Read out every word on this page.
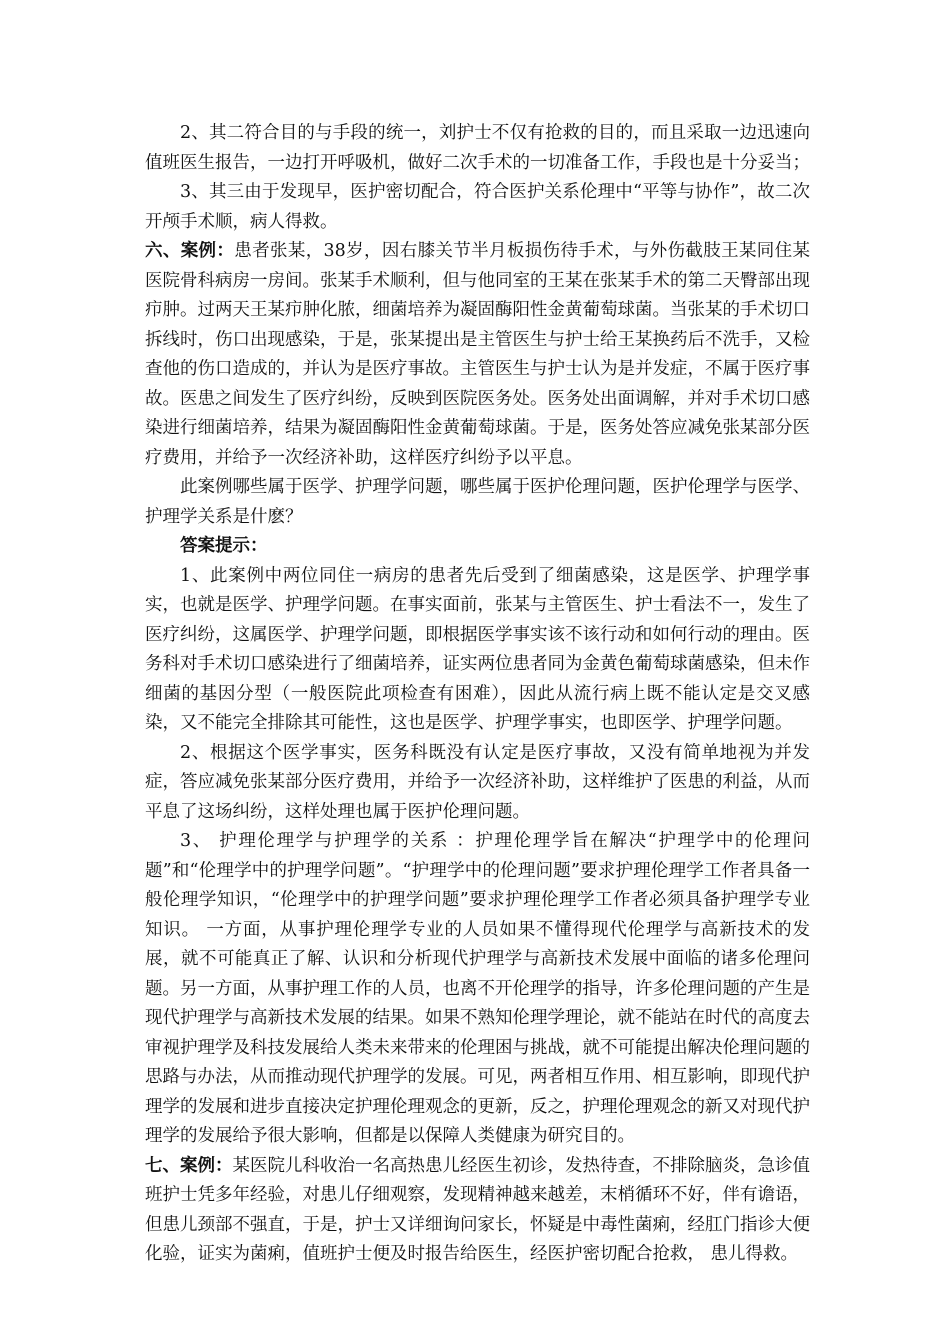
2、其二符合目的与手段的统一，刘护士不仅有抢救的目的，而且采取一边迅速向值班医生报告，一边打开呼吸机，做好二次手术的一切准备工作，手段也是十分妥当；

3、其三由于发现早，医护密切配合，符合医护关系伦理中“平等与协作”，故二次开颅手术顺，病人得救。

六、案例：患者张某，38岁，因右膝关节半月板损伤待手术，与外伤截肢王某同住某医院骨科病房一房间。张某手术顺利，但与他同室的王某在张某手术的第二天臀部出现疖肿。过两天王某疖肿化脓，细菌培养为凝固酶阳性金黄葡萄球菌。当张某的手术切口拆线时，伤口出现感染，于是，张某提出是主管医生与护士给王某换药后不洗手，又检查他的伤口造成的，并认为是医疗事故。主管医生与护士认为是并发症，不属于医疗事故。医患之间发生了医疗纠纷，反映到医院医务处。医务处出面调解，并对手术切口感染进行细菌培养，结果为凝固酶阳性金黄葡萄球菌。于是，医务处答应减免张某部分医疗费用，并给予一次经济补助，这样医疗纠纷予以平息。

此案例哪些属于医学、护理学问题，哪些属于医护伦理问题，医护伦理学与医学、护理学关系是什麽？

答案提示：

1、此案例中两位同住一病房的患者先后受到了细菌感染，这是医学、护理学事实，也就是医学、护理学问题。在事实面前，张某与主管医生、护士看法不一，发生了医疗纠纷，这属医学、护理学问题，即根据医学事实该不该行动和如何行动的理由。医务科对手术切口感染进行了细菌培养，证实两位患者同为金黄色葡萄球菌感染，但未作细菌的基因分型（一般医院此项检查有困难），因此从流行病上既不能认定是交叉感染，又不能完全排除其可能性，这也是医学、护理学事实，也即医学、护理学问题。

2、根据这个医学事实，医务科既没有认定是医疗事故，又没有简单地视为并发症，答应减免张某部分医疗费用，并给予一次经济补助，这样维护了医患的利益，从而平息了这场纠纷，这样处理也属于医护伦理问题。

3、 护理伦理学与护理学的关系 ：护理伦理学旨在解决“护理学中的伦理问题”和“伦理学中的护理学问题”。“护理学中的伦理问题”要求护理伦理学工作者具备一般伦理学知识，“伦理学中的护理学问题”要求护理伦理学工作者必须具备护理学专业知识。 一方面，从事护理伦理学专业的人员如果不懂得现代伦理学与高新技术的发展，就不可能真正了解、认识和分析现代护理学与高新技术发展中面临的诸多伦理问题。另一方面，从事护理工作的人员，也离不开伦理学的指导，许多伦理问题的产生是现代护理学与高新技术发展的结果。如果不熟知伦理学理论，就不能站在时代的高度去审视护理学及科技发展给人类未来带来的伦理困与挑战，就不可能提出解决伦理问题的思路与办法，从而推动现代护理学的发展。可见，两者相互作用、相互影响，即现代护理学的发展和进步直接决定护理伦理观念的更新，反之，护理伦理观念的新又对现代护理学的发展给予很大影响，但都是以保障人类健康为研究目的。

七、案例：某医院儿科收治一名高热患儿经医生初诊，发热待查，不排除脑炎，急诊值班护士凭多年经验，对患儿仔细观察，发现精神越来越差，末梢循环不好，伴有谵语，但患儿颈部不强直，于是，护士又详细询问家长，怀疑是中毒性菌痢，经肛门指诊大便化验，证实为菌痢，值班护士便及时报告给医生，经医护密切配合抢救， 患儿得救。
